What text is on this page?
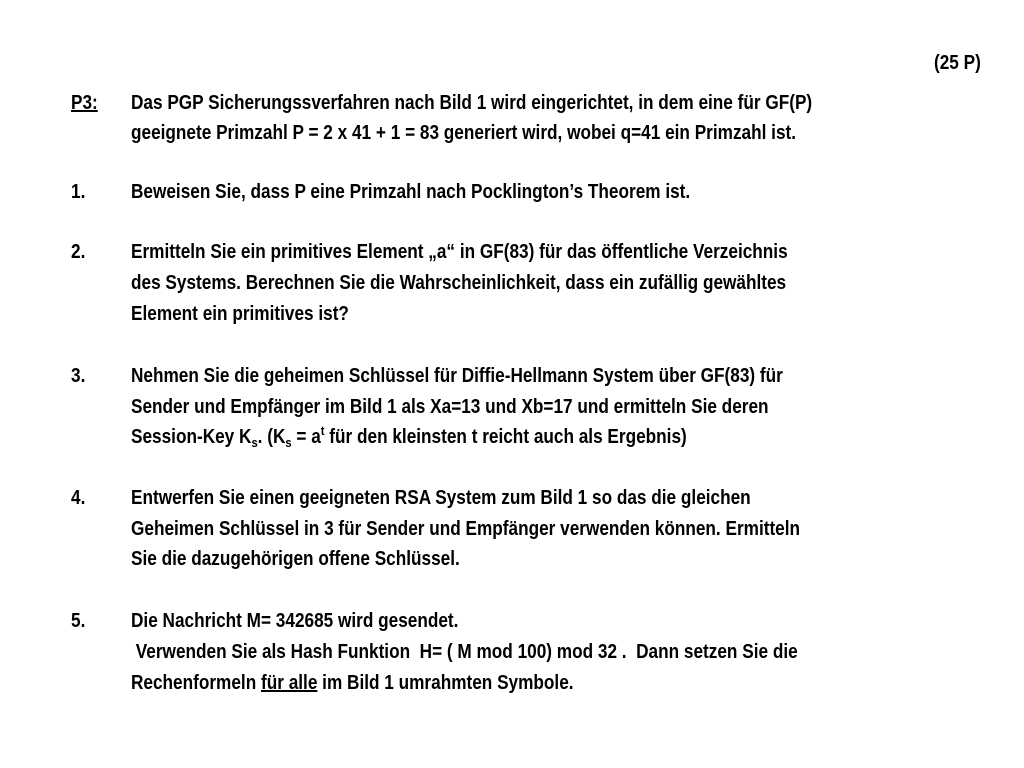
(25 P)
P3: Das PGP Sicherungssverfahren nach Bild 1 wird eingerichtet, in dem eine für GF(P)
geeignete Primzahl P = 2 x 41 + 1 = 83 generiert wird, wobei q=41 ein Primzahl ist.
1. Beweisen Sie, dass P eine Primzahl nach Pocklington’s Theorem ist.
2. Ermitteln Sie ein primitives Element „a“ in GF(83) für das öffentliche Verzeichnis
des Systems. Berechnen Sie die Wahrscheinlichkeit, dass ein zufällig gewähltes
Element ein primitives ist?
3. Nehmen Sie die geheimen Schlüssel für Diffie-Hellmann System über GF(83) für
Sender und Empfänger im Bild 1 als Xa=13 und Xb=17 und ermitteln Sie deren
Session-Key $K_s$. ($K_s = a^t$ für den kleinsten t reicht auch als Ergebnis)
4. Entwerfen Sie einen geeigneten RSA System zum Bild 1 so das die gleichen
Geheimen Schlüssel in 3 für Sender und Empfänger verwenden können. Ermitteln
Sie die dazugehörigen offene Schlüssel.
5. Die Nachricht M= 342685 wird gesendet.
Verwenden Sie als Hash Funktion  H= ( M mod 100) mod 32 .  Dann setzen Sie die
Rechenformeln für alle im Bild 1 umrahmten Symbole.
